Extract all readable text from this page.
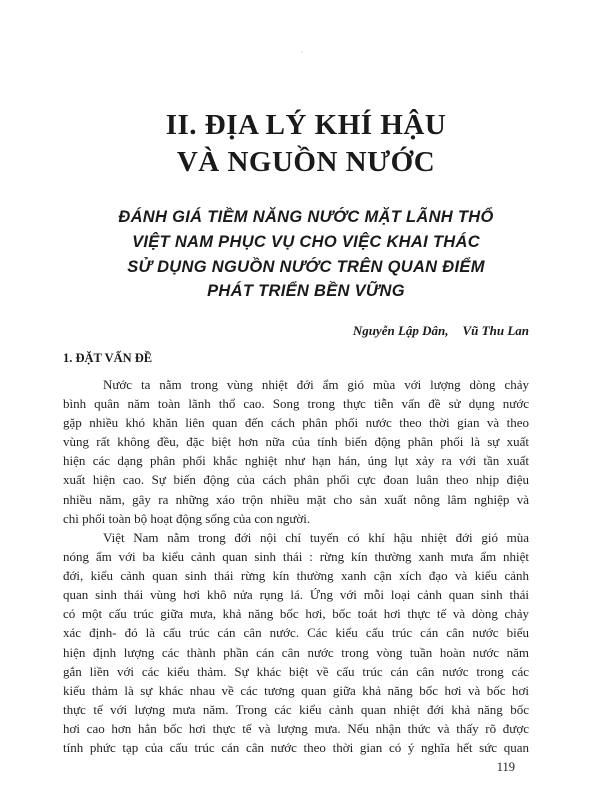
·
II. ĐỊA LÝ KHÍ HẬU
VÀ NGUỒN NƯỚC
ĐÁNH GIÁ TIỀM NĂNG NƯỚC MẶT LÃNH THỔ
VIỆT NAM PHỤC VỤ CHO VIỆC KHAI THÁC
SỬ DỤNG NGUỒN NƯỚC TRÊN QUAN ĐIỂM
PHÁT TRIỂN BỀN VỮNG
Nguyễn Lập Dân, Vũ Thu Lan
1. ĐẶT VẤN ĐỀ
Nước ta nằm trong vùng nhiệt đới ẩm gió mùa với lượng dòng chảy
bình quân năm toàn lãnh thổ cao. Song trong thực tiễn vấn đề sử dụng nước
gặp nhiều khó khăn liên quan đến cách phân phối nước theo thời gian và theo
vùng rất không đều, đặc biệt hơn nữa của tính biến động phân phối là sự xuất
hiện các dạng phân phối khắc nghiệt như hạn hán, úng lụt xảy ra với tần xuất
xuất hiện cao. Sự biến động của cách phân phối cực đoan luân theo nhịp điệu
nhiều năm, gây ra những xáo trộn nhiều mặt cho sản xuất nông lâm nghiệp và
chi phối toàn bộ hoạt động sống của con người.
Việt Nam nằm trong đới nội chí tuyến có khí hậu nhiệt đới gió mùa
nóng ẩm với ba kiểu cảnh quan sinh thái : rừng kín thường xanh mưa ẩm nhiệt
đới, kiểu cảnh quan sinh thái rừng kín thường xanh cận xích đạo và kiểu cảnh
quan sinh thái vùng hơi khô nửa rụng lá. Ứng với mỗi loại cảnh quan sinh thái
có một cấu trúc giữa mưa, khả năng bốc hơi, bốc toát hơi thực tế và dòng chảy
xác định- đó là cấu trúc cán cân nước. Các kiểu cấu trúc cán cân nước biểu
hiện định lượng các thành phần cán cân nước trong vòng tuần hoàn nước năm
gắn liền với các kiểu thảm. Sự khác biệt về cấu trúc cán cân nước trong các
kiểu thảm là sự khác nhau về các tương quan giữa khả năng bốc hơi và bốc hơi
thực tế với lượng mưa năm. Trong các kiểu cảnh quan nhiệt đới khả năng bốc
hơi cao hơn hẳn bốc hơi thực tế và lượng mưa. Nếu nhận thức và thấy rõ được
tính phức tạp của cấu trúc cán cân nước theo thời gian có ý nghĩa hết sức quan
119
